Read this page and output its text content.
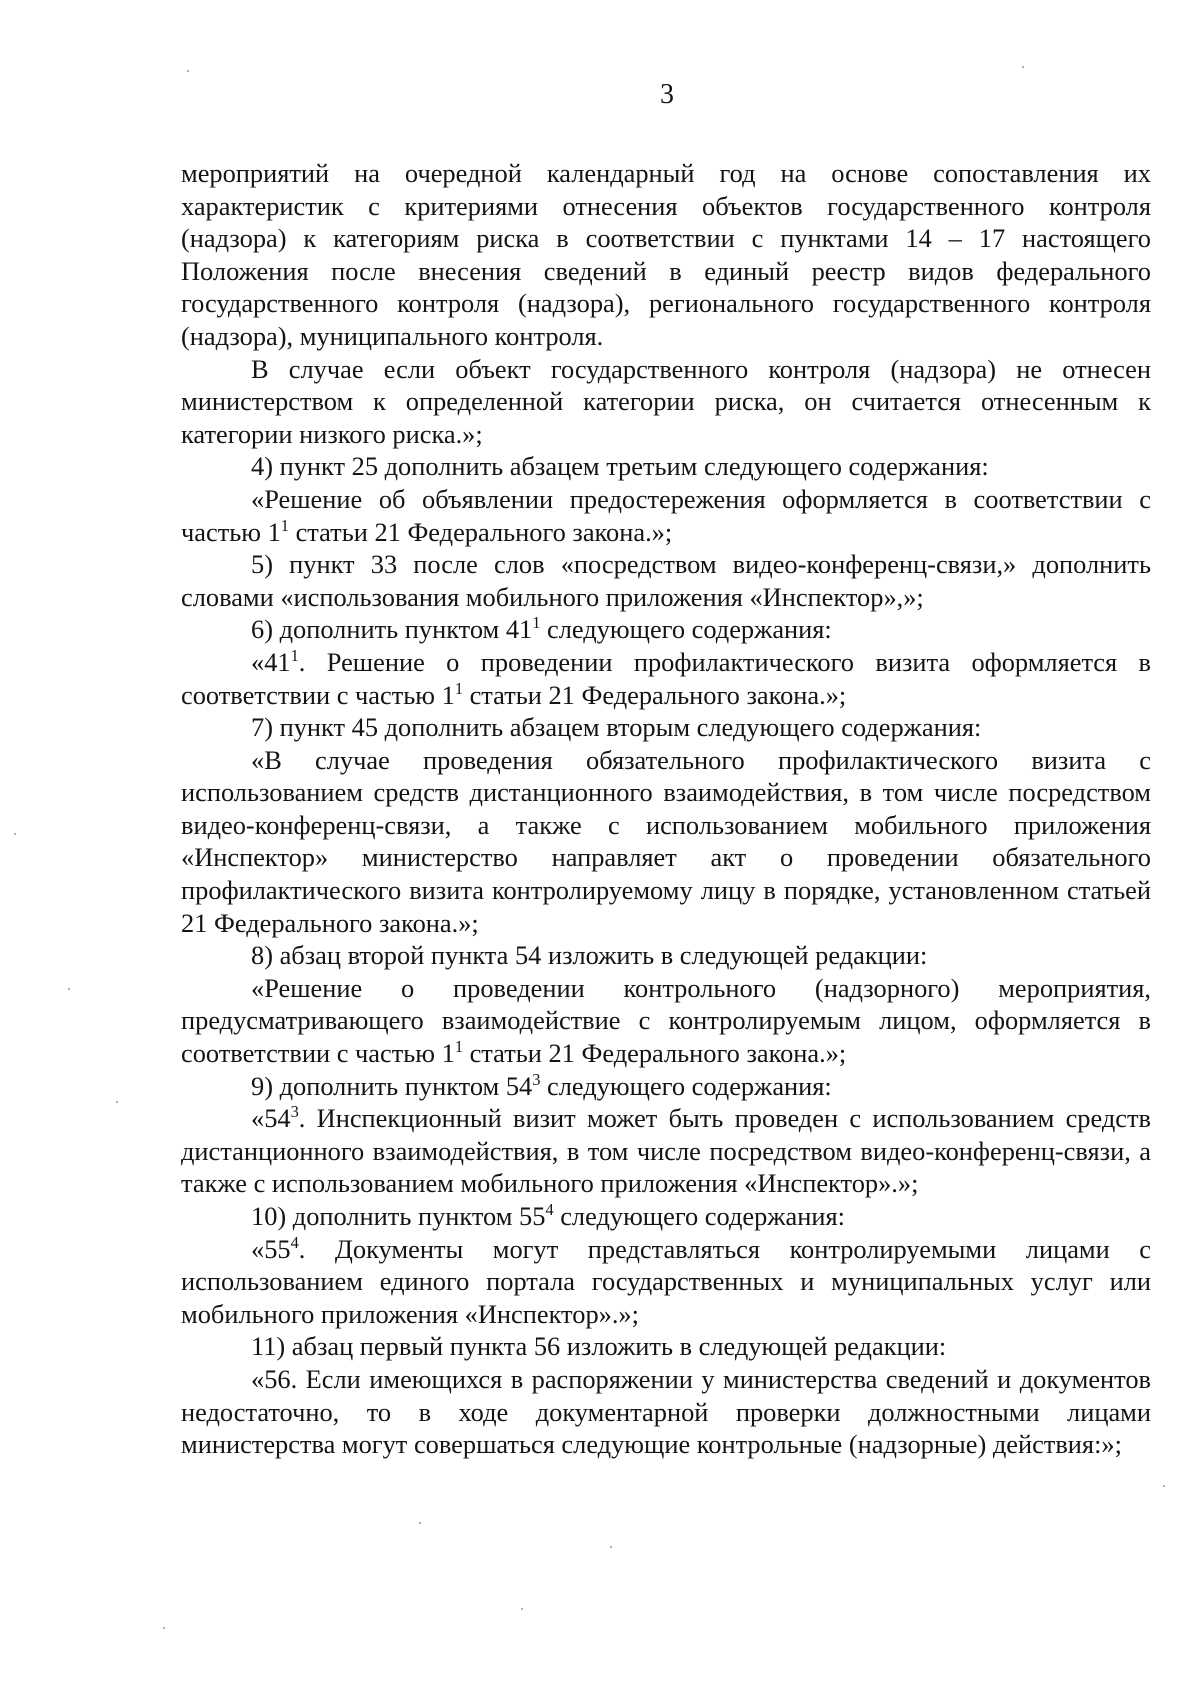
3

мероприятий на очередной календарный год на основе сопоставления их характеристик с критериями отнесения объектов государственного контроля (надзора) к категориям риска в соответствии с пунктами 14 – 17 настоящего Положения после внесения сведений в единый реестр видов федерального государственного контроля (надзора), регионального государственного контроля (надзора), муниципального контроля.

В случае если объект государственного контроля (надзора) не отнесен министерством к определенной категории риска, он считается отнесенным к категории низкого риска.»;

4) пункт 25 дополнить абзацем третьим следующего содержания:

«Решение об объявлении предостережения оформляется в соответствии с частью $1^1$ статьи 21 Федерального закона.»;

5) пункт 33 после слов «посредством видео-конференц-связи,» дополнить словами «использования мобильного приложения «Инспектор»,»;

6) дополнить пунктом $41^1$ следующего содержания:

«$41^1$. Решение о проведении профилактического визита оформляется в соответствии с частью $1^1$ статьи 21 Федерального закона.»;

7) пункт 45 дополнить абзацем вторым следующего содержания:

«В случае проведения обязательного профилактического визита с использованием средств дистанционного взаимодействия, в том числе посредством видео-конференц-связи, а также с использованием мобильного приложения «Инспектор» министерство направляет акт о проведении обязательного профилактического визита контролируемому лицу в порядке, установленном статьей 21 Федерального закона.»;

8) абзац второй пункта 54 изложить в следующей редакции:

«Решение о проведении контрольного (надзорного) мероприятия, предусматривающего взаимодействие с контролируемым лицом, оформляется в соответствии с частью $1^1$ статьи 21 Федерального закона.»;

9) дополнить пунктом $54^3$ следующего содержания:

«$54^3$. Инспекционный визит может быть проведен с использованием средств дистанционного взаимодействия, в том числе посредством видео-конференц-связи, а также с использованием мобильного приложения «Инспектор».»;

10) дополнить пунктом $55^4$ следующего содержания:

«$55^4$. Документы могут представляться контролируемыми лицами с использованием единого портала государственных и муниципальных услуг или мобильного приложения «Инспектор».»;

11) абзац первый пункта 56 изложить в следующей редакции:

«56. Если имеющихся в распоряжении у министерства сведений и документов недостаточно, то в ходе документарной проверки должностными лицами министерства могут совершаться следующие контрольные (надзорные) действия:»;
